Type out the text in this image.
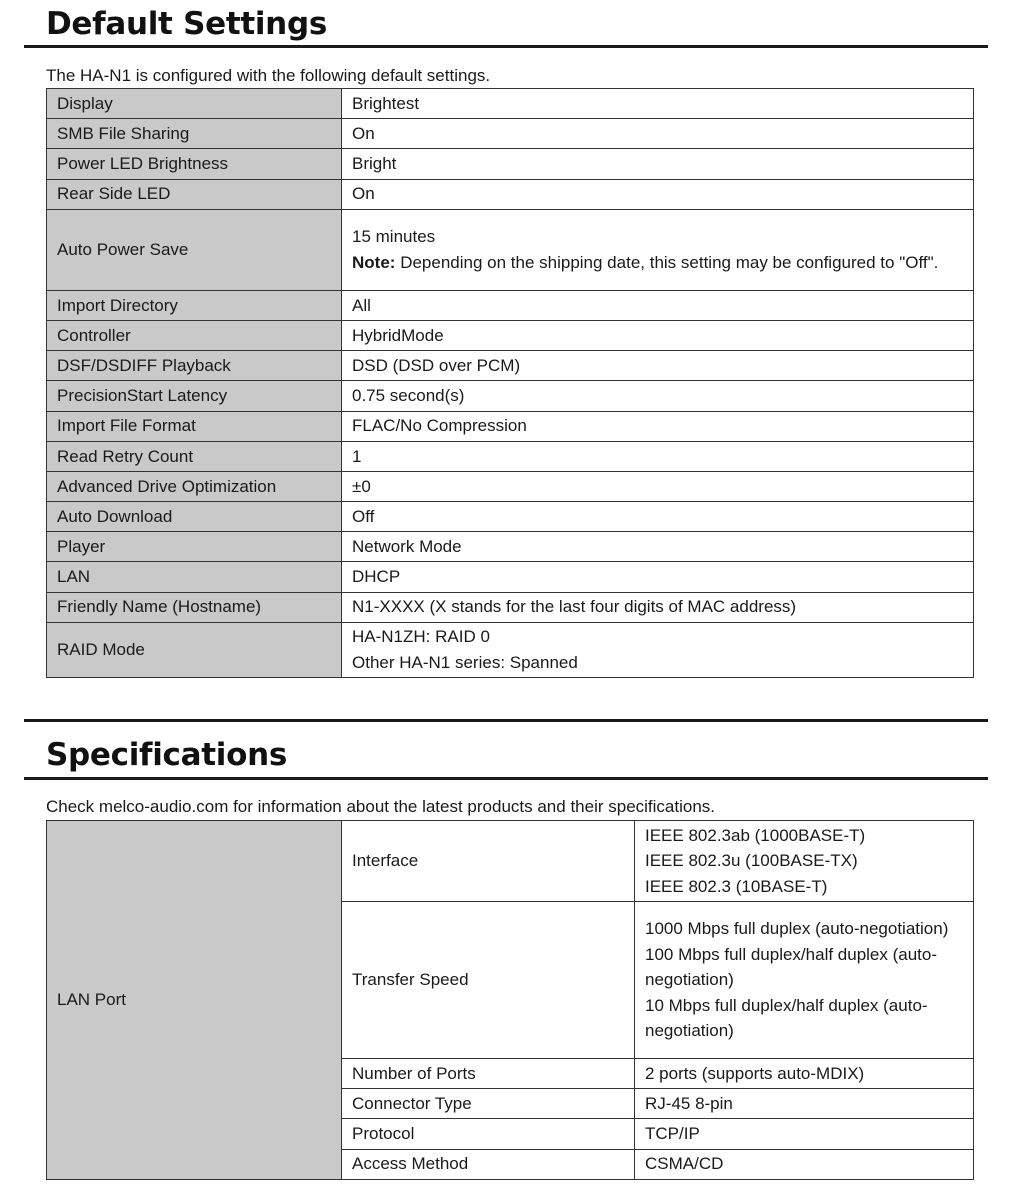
Default Settings

The HA-N1 is configured with the following default settings.

Display	Brightest
SMB File Sharing	On
Power LED Brightness	Bright
Rear Side LED	On
Auto Power Save	15 minutes
Note: Depending on the shipping date, this setting may be configured to "Off".
Import Directory	All
Controller	HybridMode
DSF/DSDIFF Playback	DSD (DSD over PCM)
PrecisionStart Latency	0.75 second(s)
Import File Format	FLAC/No Compression
Read Retry Count	1
Advanced Drive Optimization	±0
Auto Download	Off
Player	Network Mode
LAN	DHCP
Friendly Name (Hostname)	N1-XXXX (X stands for the last four digits of MAC address)
RAID Mode	HA-N1ZH: RAID 0
Other HA-N1 series: Spanned
Specifications

Check melco-audio.com for information about the latest products and their specifications.

LAN Port	Interface	IEEE 802.3ab (1000BASE-T)
IEEE 802.3u (100BASE-TX)
IEEE 802.3 (10BASE-T)

	Transfer Speed	1000 Mbps full duplex (auto-negotiation)
100 Mbps full duplex/half duplex (auto-negotiation)
10 Mbps full duplex/half duplex (auto-negotiation)

	Number of Ports	2 ports (supports auto-MDIX)
	Connector Type	RJ-45 8-pin
	Protocol	TCP/IP
	Access Method	CSMA/CD
